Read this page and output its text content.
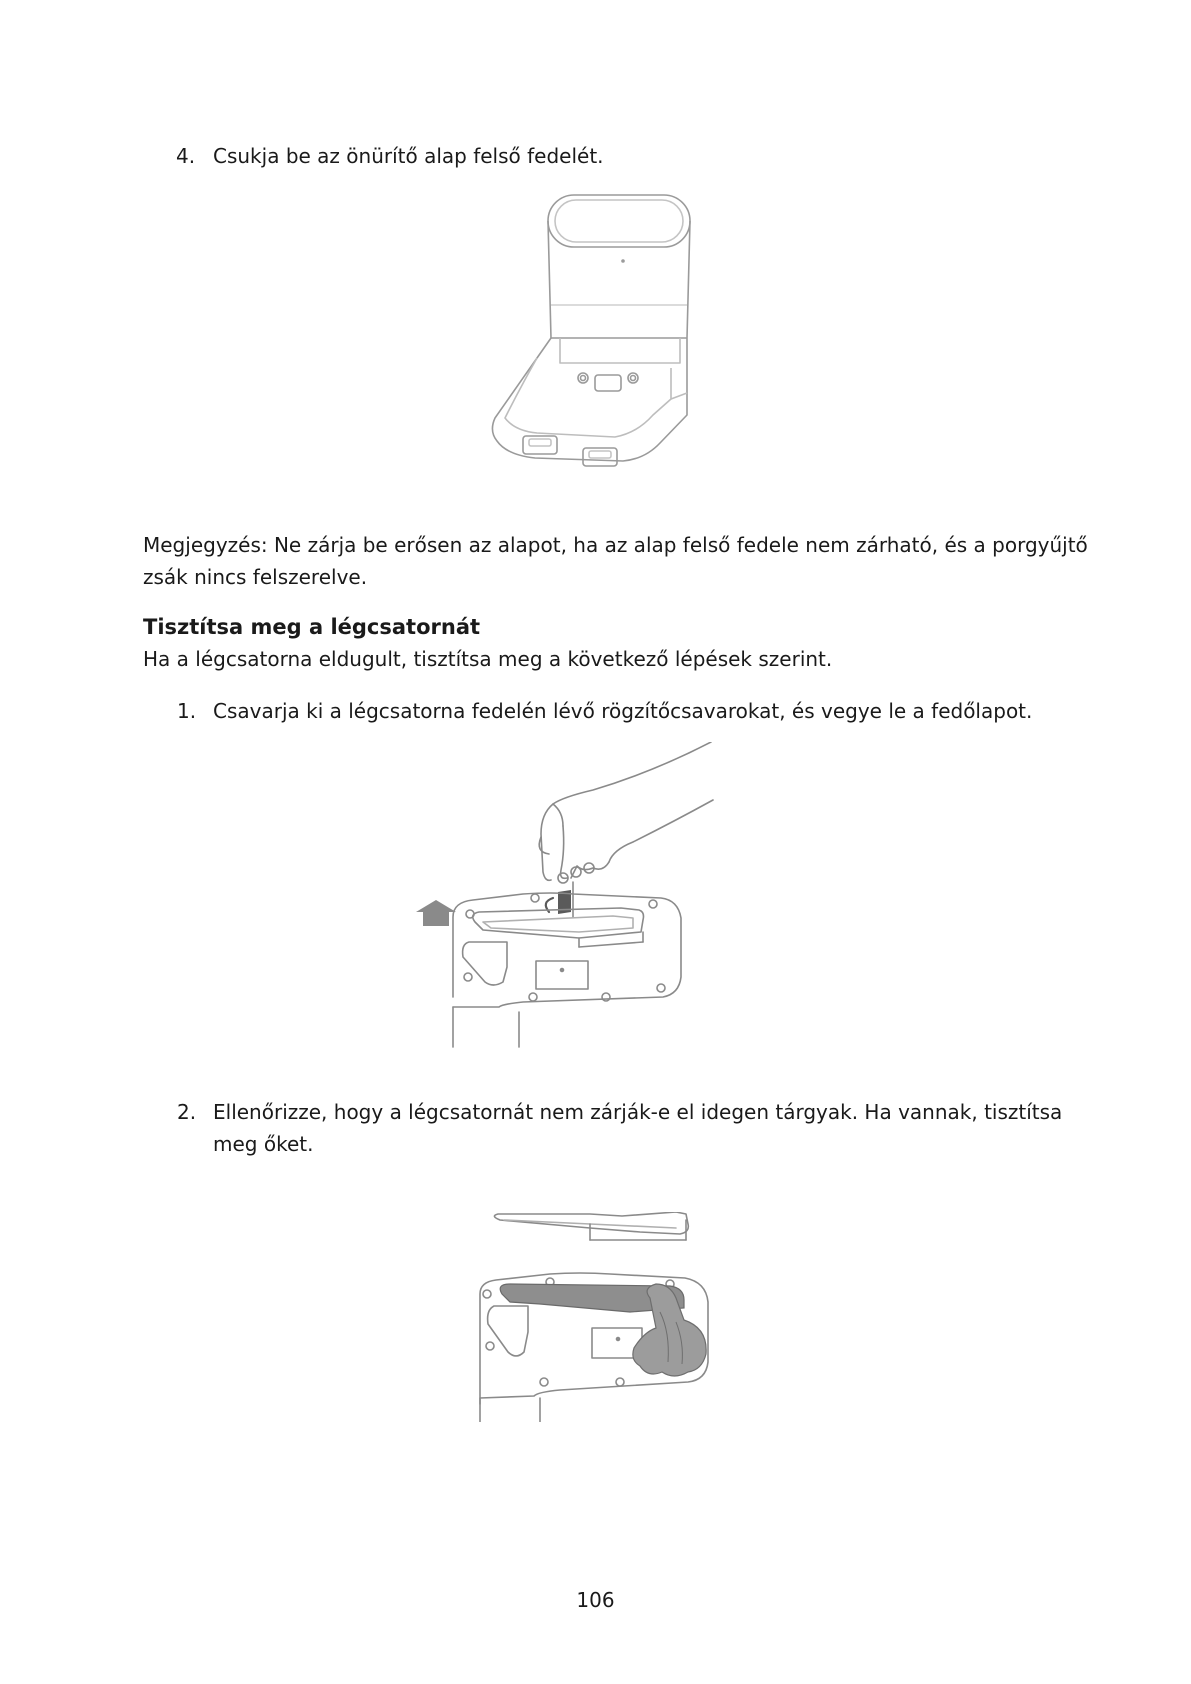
4. Csukja be az önürítő alap felső fedelét.
Megjegyzés: Ne zárja be erősen az alapot, ha az alap felső fedele nem zárható, és a porgyűjtő
zsák nincs felszerelve.
Tisztítsa meg a légcsatornát
Ha a légcsatorna eldugult, tisztítsa meg a következő lépések szerint.
1. Csavarja ki a légcsatorna fedelén lévő rögzítőcsavarokat, és vegye le a fedőlapot.
2. Ellenőrizze, hogy a légcsatornát nem zárják-e el idegen tárgyak. Ha vannak, tisztítsa
meg őket.
106
